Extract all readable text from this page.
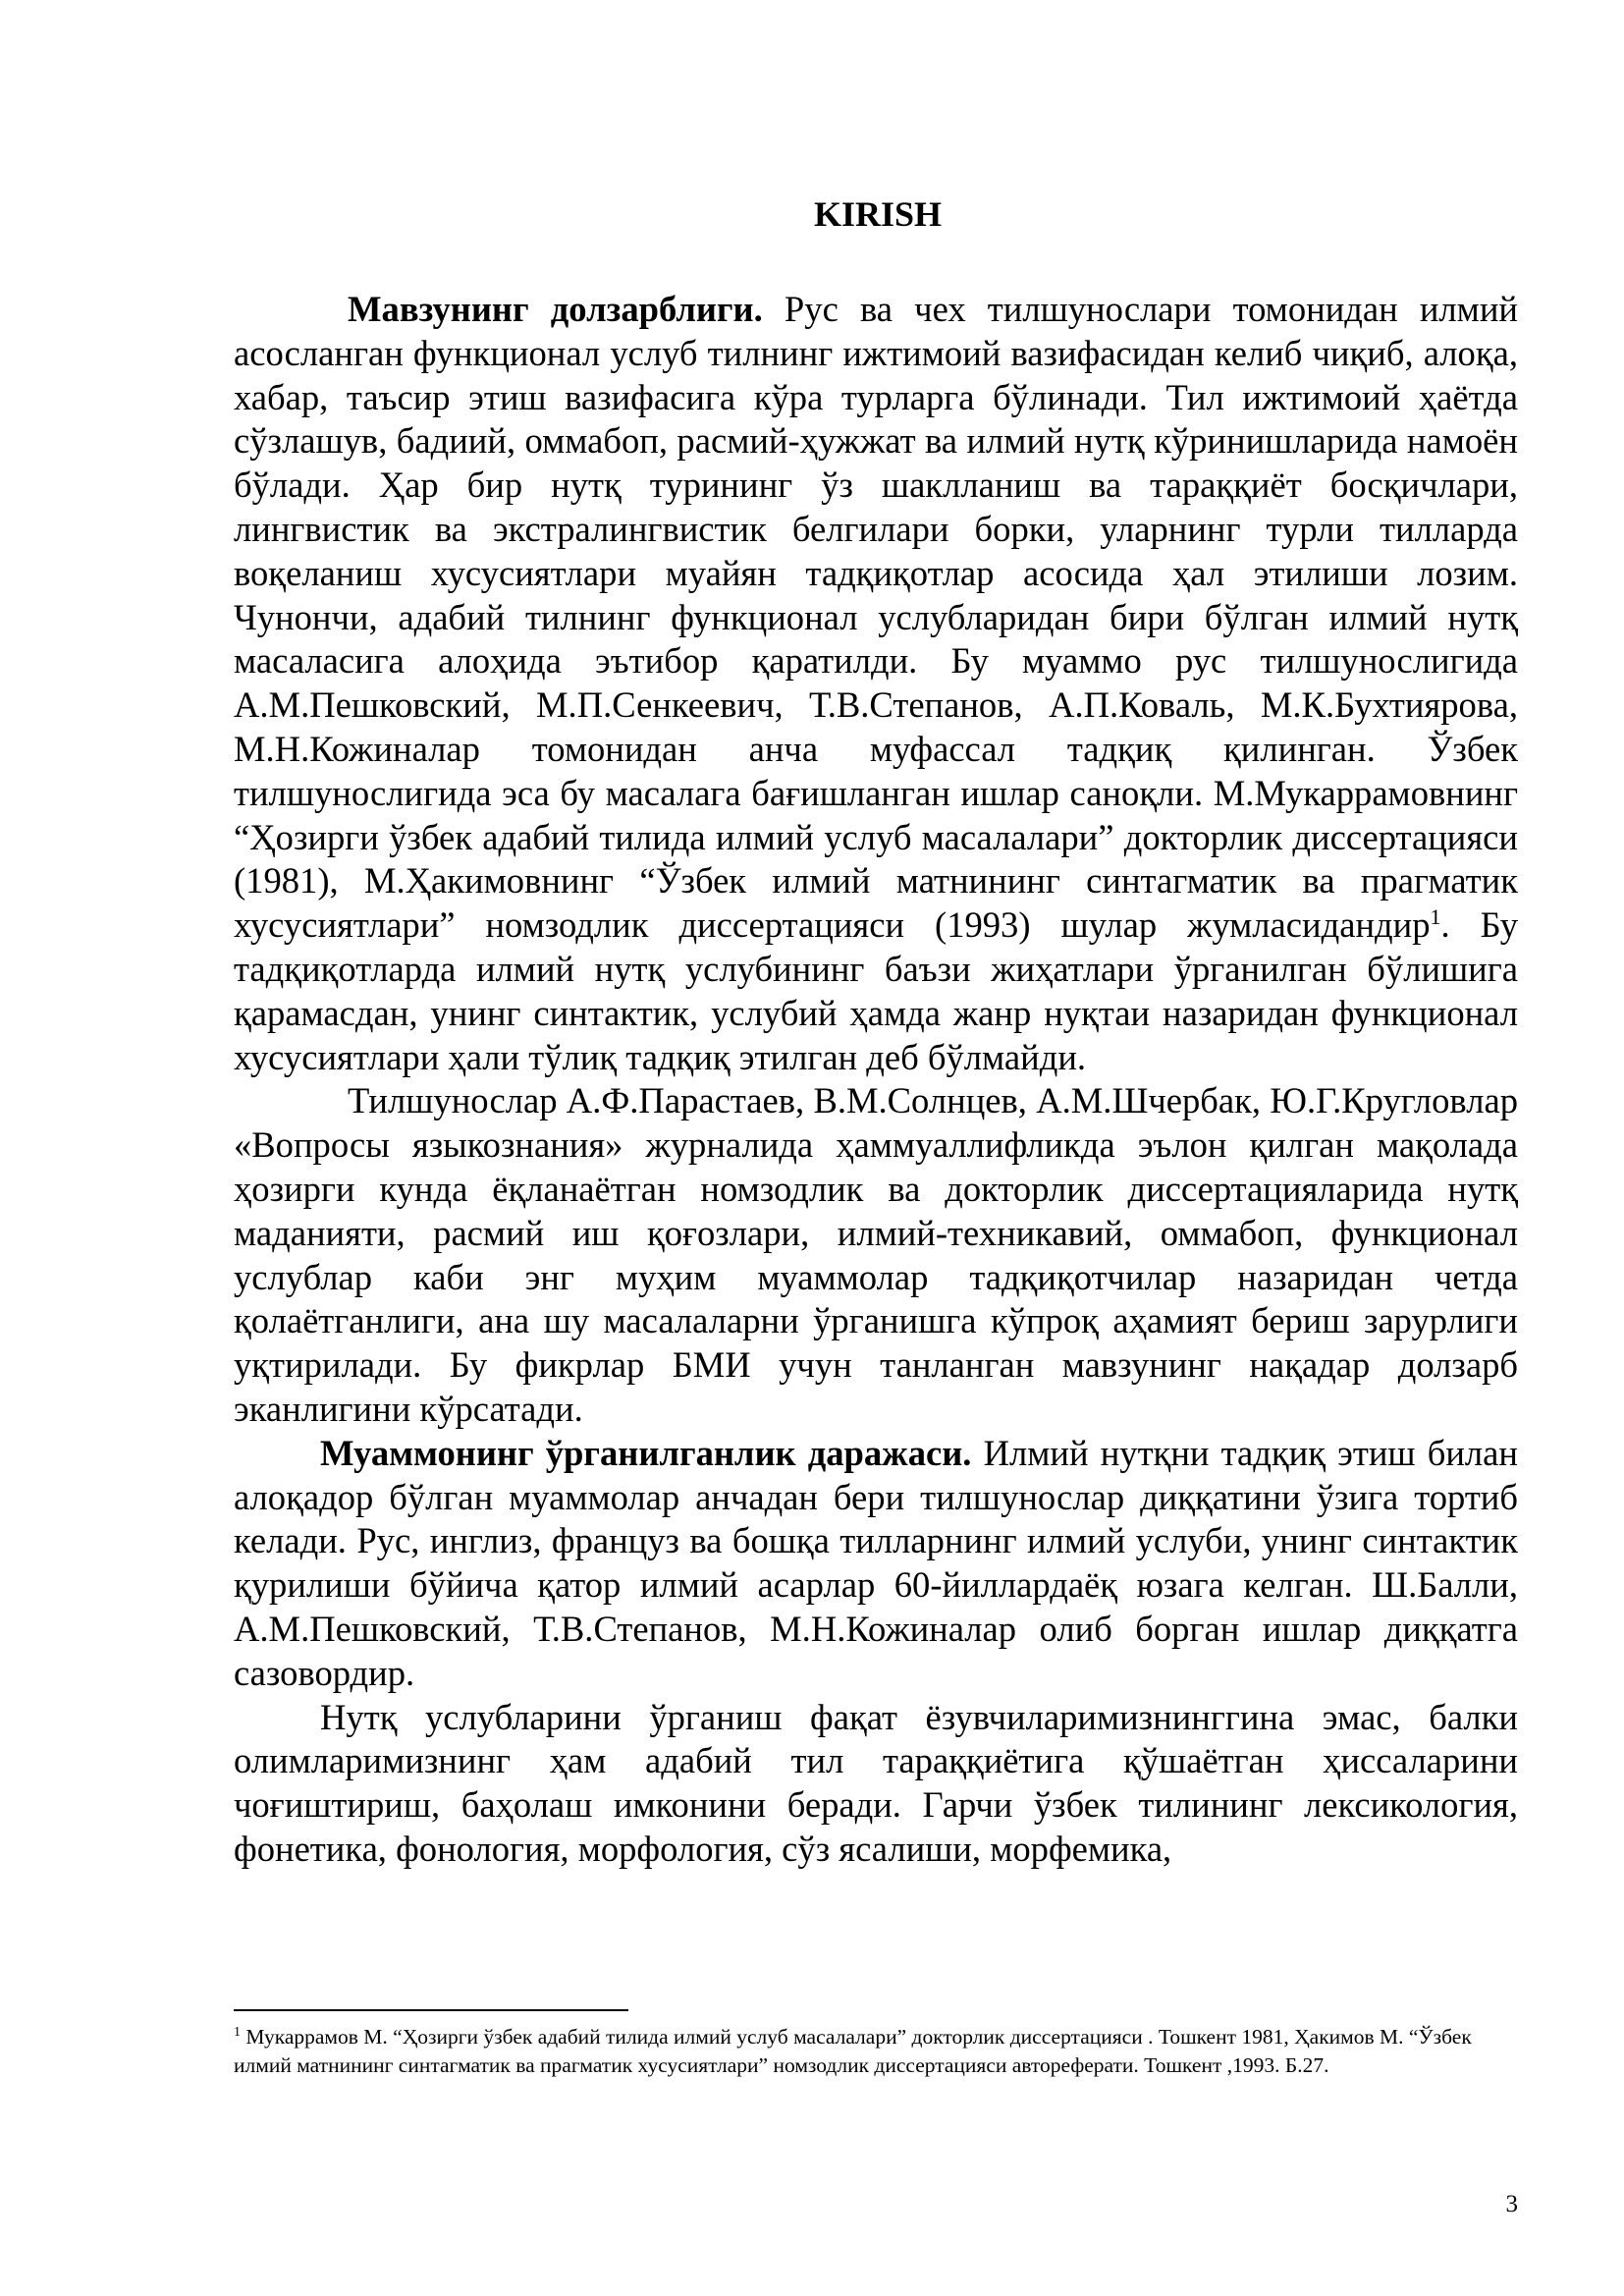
KIRISH

Мавзунинг долзарблиги. Рус ва чех тилшунослари томонидан илмий асосланган функционал услуб тилнинг ижтимоий вазифасидан келиб чиқиб, алоқа, хабар, таъсир этиш вазифасига кўра турларга бўлинади. Тил ижтимоий ҳаётда сўзлашув, бадиий, оммабоп, расмий-ҳужжат ва илмий нутқ кўринишларида намоён бўлади. Ҳар бир нутқ турининг ўз шаклланиш ва тараққиёт босқичлари, лингвистик ва экстралингвистик белгилари борки, уларнинг турли тилларда воқеланиш хусусиятлари муайян тадқиқотлар асосида ҳал этилиши лозим. Чунончи, адабий тилнинг функционал услубларидан бири бўлган илмий нутқ масаласига алоҳида эътибор қаратилди. Бу муаммо рус тилшунослигида А.М.Пешковский, М.П.Сенкеевич, Т.В.Степанов, А.П.Коваль, М.К.Бухтиярова, М.Н.Кожиналар томонидан анча муфассал тадқиқ қилинган. Ўзбек тилшунослигида эса бу масалага бағишланган ишлар саноқли. М.Мукаррамовнинг “Ҳозирги ўзбек адабий тилида илмий услуб масалалари” докторлик диссертацияси (1981), М.Ҳакимовнинг “Ўзбек илмий матнининг синтагматик ва прагматик хусусиятлари” номзодлик диссертацияси (1993) шулар жумласидандир$^1$. Бу тадқиқотларда илмий нутқ услубининг баъзи жиҳатлари ўрганилган бўлишига қарамасдан, унинг синтактик, услубий ҳамда жанр нуқтаи назаридан функционал хусусиятлари ҳали тўлиқ тадқиқ этилган деб бўлмайди.

Тилшунослар А.Ф.Парастаев, В.М.Солнцев, А.М.Шчербак, Ю.Г.Кругловлар «Вопросы языкознания» журналида ҳаммуаллифликда эълон қилган мақолада ҳозирги кунда ёқланаётган номзодлик ва докторлик диссертацияларида нутқ маданияти, расмий иш қоғозлари, илмий-техникавий, оммабоп, функционал услублар каби энг муҳим муаммолар тадқиқотчилар назаридан четда қолаётганлиги, ана шу масалаларни ўрганишга кўпроқ аҳамият бериш зарурлиги уқтирилади. Бу фикрлар БМИ учун танланган мавзунинг нақадар долзарб эканлигини кўрсатади.

Муаммонинг ўрганилганлик даражаси. Илмий нутқни тадқиқ этиш билан алоқадор бўлган муаммолар анчадан бери тилшунослар диққатини ўзига тортиб келади. Рус, инглиз, француз ва бошқа тилларнинг илмий услуби, унинг синтактик қурилиши бўйича қатор илмий асарлар 60-йиллардаёқ юзага келган. Ш.Балли, А.М.Пешковский, Т.В.Степанов, М.Н.Кожиналар олиб борган ишлар диққатга сазовордир.

Нутқ услубларини ўрганиш фақат ёзувчиларимизнинггина эмас, балки олимларимизнинг ҳам адабий тил тараққиётига қўшаётган ҳиссаларини чоғиштириш, баҳолаш имконини беради. Гарчи ўзбек тилининг лексикология, фонетика, фонология, морфология, сўз ясалиши, морфемика,

$^1$ Мукаррамов М. “Ҳозирги ўзбек адабий тилида илмий услуб масалалари” докторлик диссертацияси . Тошкент 1981, Ҳакимов М. “Ўзбек илмий матнининг синтагматик ва прагматик хусусиятлари” номзодлик диссертацияси автореферати. Тошкент ,1993. Б.27.

3
